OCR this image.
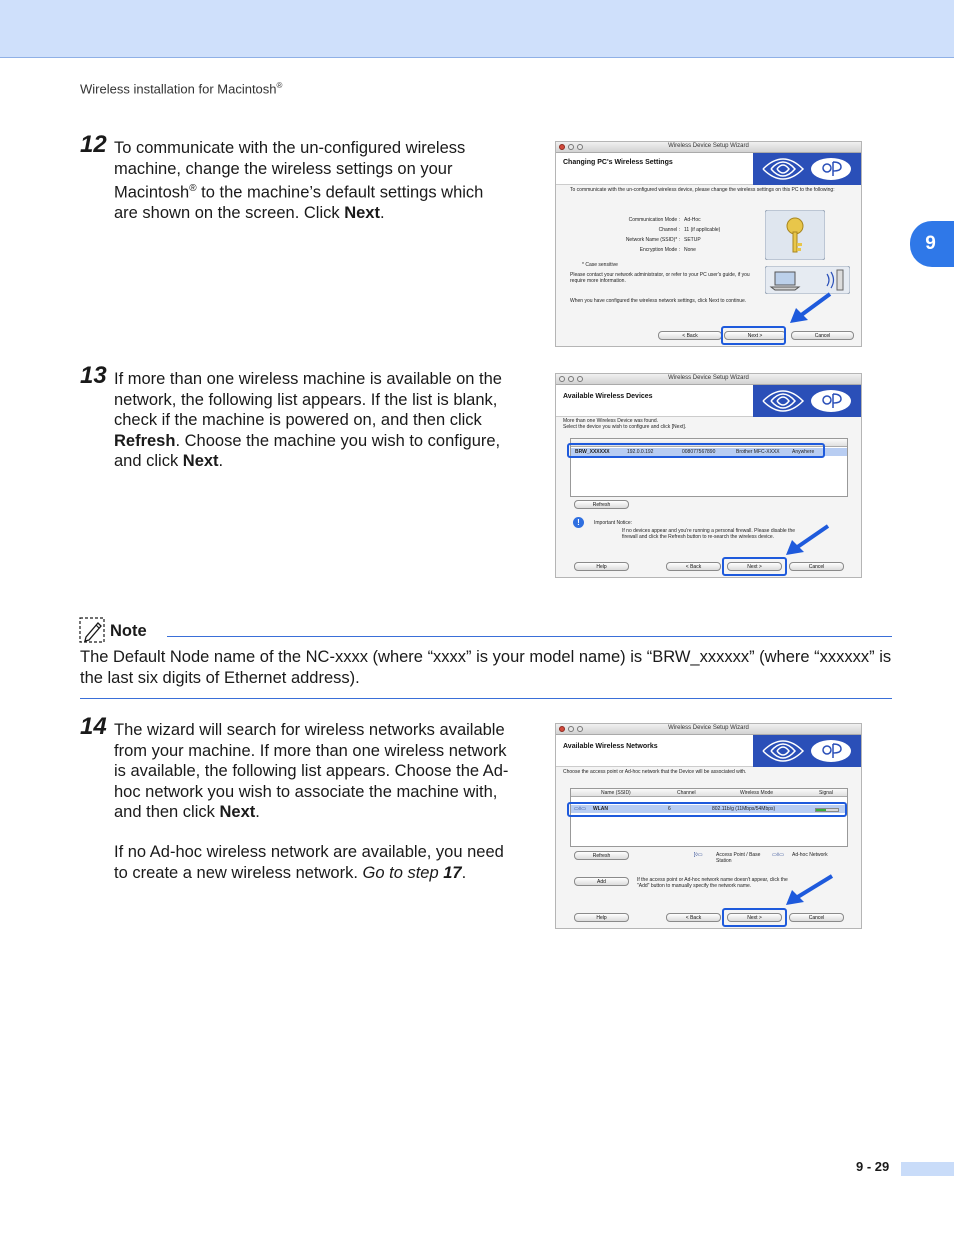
Wireless installation for Macintosh®
9
12 To communicate with the un-configured wireless machine, change the wireless settings on your Macintosh® to the machine’s default settings which are shown on the screen. Click Next.
Wireless Device Setup Wizard
Changing PC's Wireless Settings
To communicate with the un-configured wireless device, please change the wireless settings on this PC to the following:
Communication Mode : Ad-Hoc
Channel : 11 (if applicable)
Network Name (SSID)* : SETUP
Encryption Mode : None
* Case sensitive
Please contact your network administrator, or refer to your PC user's guide, if you require more information.
When you have configured the wireless network settings, click Next to continue.
< Back	Next >	Cancel
13 If more than one wireless machine is available on the network, the following list appears. If the list is blank, check if the machine is powered on, and then click Refresh. Choose the machine you wish to configure, and click Next.
Wireless Device Setup Wizard
Available Wireless Devices
More than one Wireless Device was found.
Select the device you wish to configure and click [Next].
BRW_XXXXXX	192.0.0.192	008077567890	Brother MFC-XXXX Anywhere
Refresh
!	Important Notice:
If no devices appear and you're running a personal firewall. Please disable the
firewall and click the Refresh button to re-search the wireless device.
Help	< Back	Next >	Cancel
Note
The Default Node name of the NC-xxxx (where “xxxx” is your model name) is “BRW_xxxxxx” (where “xxxxxx” is the last six digits of Ethernet address).
14 The wizard will search for wireless networks available from your machine. If more than one wireless network is available, the following list appears. Choose the Ad-hoc network you wish to associate the machine with, and then click Next.
If no Ad-hoc wireless network are available, you need to create a new wireless network. Go to step 17.
Wireless Device Setup Wizard
Available Wireless Networks
Choose the access point or Ad-hoc network that the Device will be associated with.
Name (SSID)	Channel	Wireless Mode	Signal
▭◊▭ WLAN	6	802.11b/g (11Mbps/54Mbps)
Refresh	]◊▭	Access Point / Base Station
▭◊▭ Ad-hoc Network
Add	If the access point or Ad-hoc network name doesn't appear, click the "Add" button to manually specify the network name.
Help	< Back	Next >	Cancel
9 - 29
